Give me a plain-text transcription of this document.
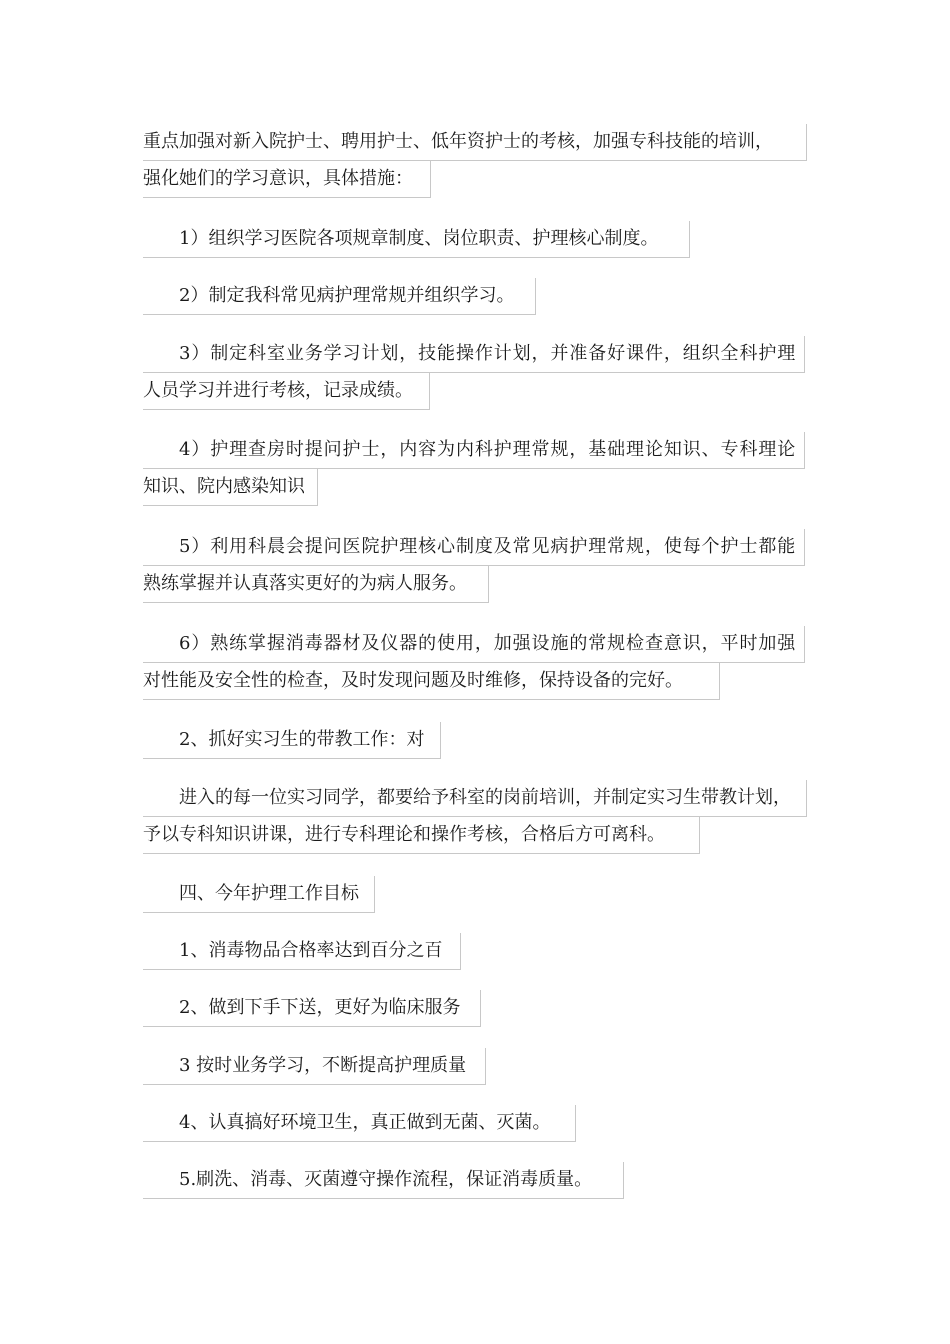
重点加强对新入院护士、聘用护士、低年资护士的考核，加强专科技能的培训，
强化她们的学习意识，具体措施：
1）组织学习医院各项规章制度、岗位职责、护理核心制度。
2）制定我科常见病护理常规并组织学习。
3）制定科室业务学习计划，技能操作计划，并准备好课件，组织全科护理
人员学习并进行考核，记录成绩。
4）护理查房时提问护士，内容为内科护理常规，基础理论知识、专科理论
知识、院内感染知识
5）利用科晨会提问医院护理核心制度及常见病护理常规，使每个护士都能
熟练掌握并认真落实更好的为病人服务。
6）熟练掌握消毒器材及仪器的使用，加强设施的常规检查意识，平时加强
对性能及安全性的检查，及时发现问题及时维修，保持设备的完好。
2、抓好实习生的带教工作：对
进入的每一位实习同学，都要给予科室的岗前培训，并制定实习生带教计划，
予以专科知识讲课，进行专科理论和操作考核，合格后方可离科。
四、今年护理工作目标
1、消毒物品合格率达到百分之百
2、做到下手下送，更好为临床服务
3 按时业务学习，不断提高护理质量
4、认真搞好环境卫生，真正做到无菌、灭菌。
5.刷洗、消毒、灭菌遵守操作流程，保证消毒质量。
